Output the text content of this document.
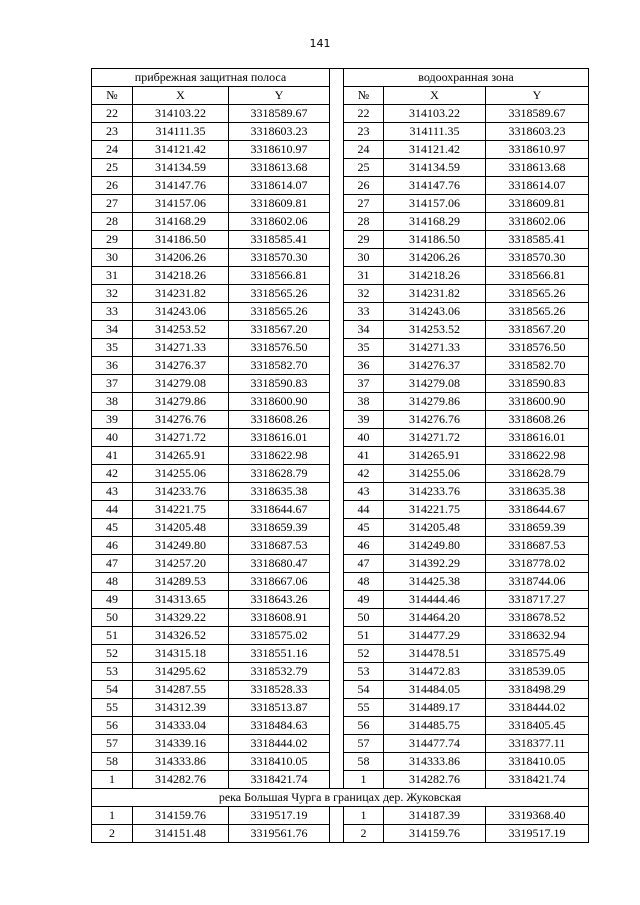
141
прибрежная защитная полоса				водоохранная зона		
№	X	Y		№	X	Y
22	314103.22	3318589.67		22	314103.22	3318589.67
23	314111.35	3318603.23		23	314111.35	3318603.23
24	314121.42	3318610.97		24	314121.42	3318610.97
25	314134.59	3318613.68		25	314134.59	3318613.68
26	314147.76	3318614.07		26	314147.76	3318614.07
27	314157.06	3318609.81		27	314157.06	3318609.81
28	314168.29	3318602.06		28	314168.29	3318602.06
29	314186.50	3318585.41		29	314186.50	3318585.41
30	314206.26	3318570.30		30	314206.26	3318570.30
31	314218.26	3318566.81		31	314218.26	3318566.81
32	314231.82	3318565.26		32	314231.82	3318565.26
33	314243.06	3318565.26		33	314243.06	3318565.26
34	314253.52	3318567.20		34	314253.52	3318567.20
35	314271.33	3318576.50		35	314271.33	3318576.50
36	314276.37	3318582.70		36	314276.37	3318582.70
37	314279.08	3318590.83		37	314279.08	3318590.83
38	314279.86	3318600.90		38	314279.86	3318600.90
39	314276.76	3318608.26		39	314276.76	3318608.26
40	314271.72	3318616.01		40	314271.72	3318616.01
41	314265.91	3318622.98		41	314265.91	3318622.98
42	314255.06	3318628.79		42	314255.06	3318628.79
43	314233.76	3318635.38		43	314233.76	3318635.38
44	314221.75	3318644.67		44	314221.75	3318644.67
45	314205.48	3318659.39		45	314205.48	3318659.39
46	314249.80	3318687.53		46	314249.80	3318687.53
47	314257.20	3318680.47		47	314392.29	3318778.02
48	314289.53	3318667.06		48	314425.38	3318744.06
49	314313.65	3318643.26		49	314444.46	3318717.27
50	314329.22	3318608.91		50	314464.20	3318678.52
51	314326.52	3318575.02		51	314477.29	3318632.94
52	314315.18	3318551.16		52	314478.51	3318575.49
53	314295.62	3318532.79		53	314472.83	3318539.05
54	314287.55	3318528.33		54	314484.05	3318498.29
55	314312.39	3318513.87		55	314489.17	3318444.02
56	314333.04	3318484.63		56	314485.75	3318405.45
57	314339.16	3318444.02		57	314477.74	3318377.11
58	314333.86	3318410.05		58	314333.86	3318410.05
1	314282.76	3318421.74		1	314282.76	3318421.74
река Большая Чурга в границах дер. Жуковская						
1	314159.76	3319517.19		1	314187.39	3319368.40
2	314151.48	3319561.76		2	314159.76	3319517.19
